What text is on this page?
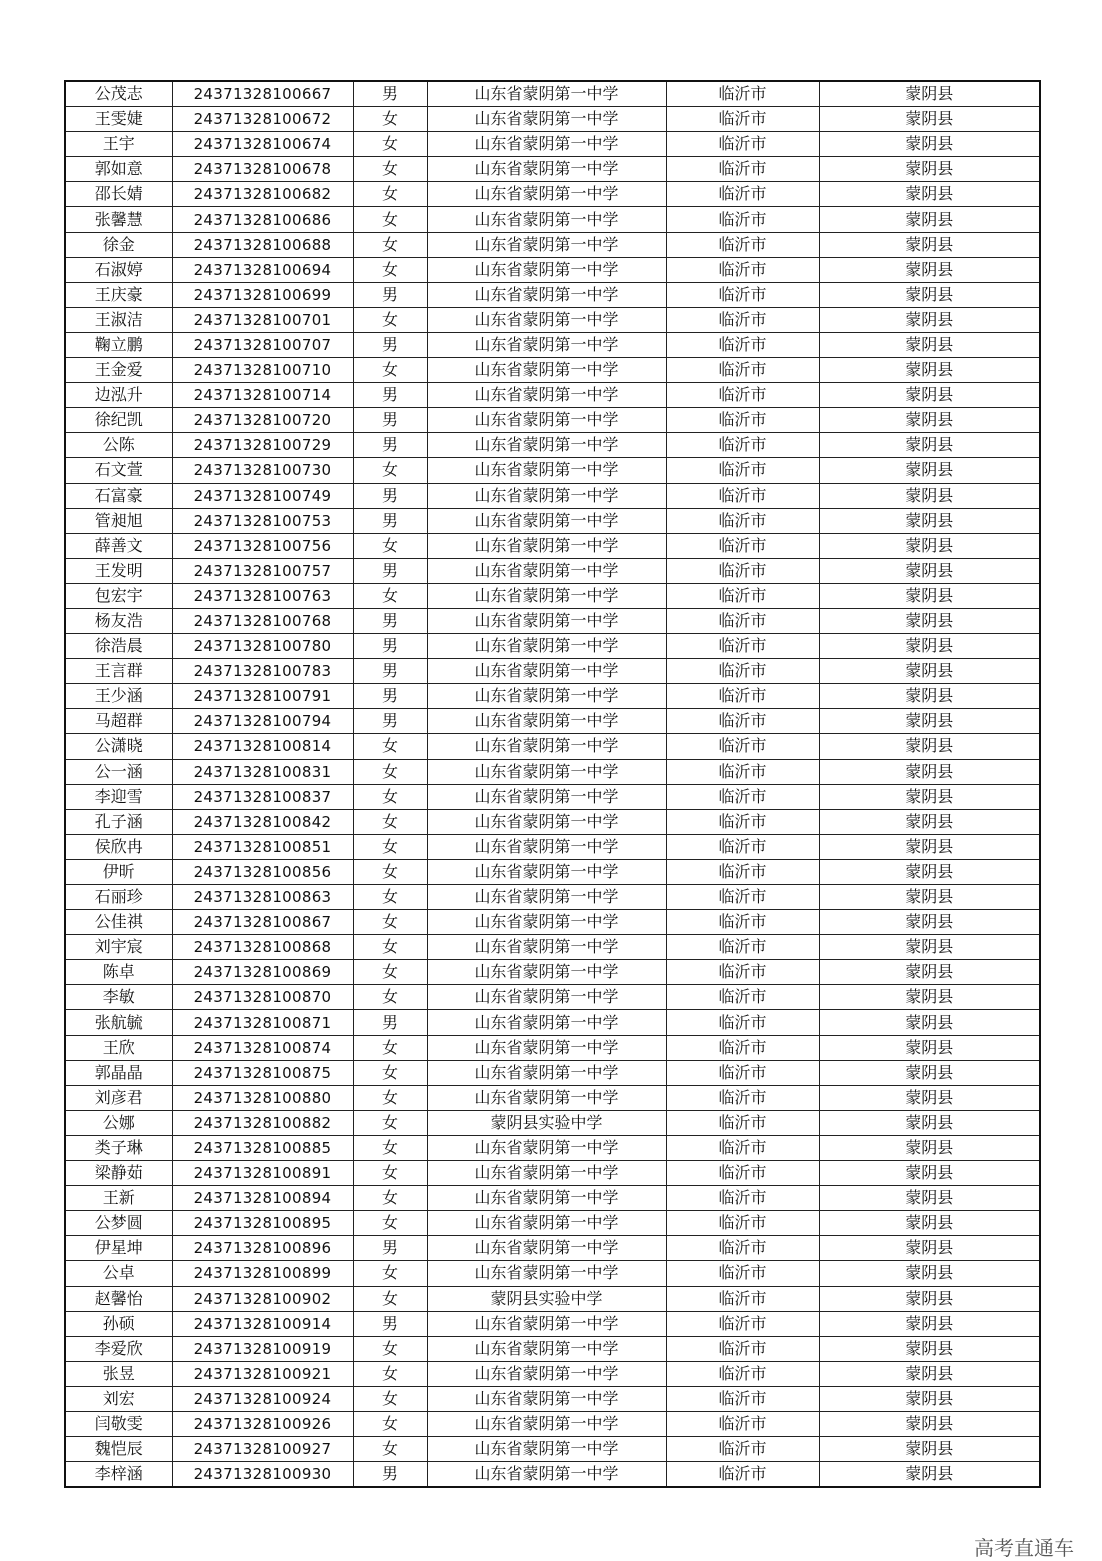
公茂志	24371328100667	男	山东省蒙阴第一中学	临沂市	蒙阴县
王雯婕	24371328100672	女	山东省蒙阴第一中学	临沂市	蒙阴县
王宇	24371328100674	女	山东省蒙阴第一中学	临沂市	蒙阴县
郭如意	24371328100678	女	山东省蒙阴第一中学	临沂市	蒙阴县
邵长婧	24371328100682	女	山东省蒙阴第一中学	临沂市	蒙阴县
张馨慧	24371328100686	女	山东省蒙阴第一中学	临沂市	蒙阴县
徐金	24371328100688	女	山东省蒙阴第一中学	临沂市	蒙阴县
石淑婷	24371328100694	女	山东省蒙阴第一中学	临沂市	蒙阴县
王庆豪	24371328100699	男	山东省蒙阴第一中学	临沂市	蒙阴县
王淑洁	24371328100701	女	山东省蒙阴第一中学	临沂市	蒙阴县
鞠立鹏	24371328100707	男	山东省蒙阴第一中学	临沂市	蒙阴县
王金爱	24371328100710	女	山东省蒙阴第一中学	临沂市	蒙阴县
边泓升	24371328100714	男	山东省蒙阴第一中学	临沂市	蒙阴县
徐纪凯	24371328100720	男	山东省蒙阴第一中学	临沂市	蒙阴县
公陈	24371328100729	男	山东省蒙阴第一中学	临沂市	蒙阴县
石文萱	24371328100730	女	山东省蒙阴第一中学	临沂市	蒙阴县
石富豪	24371328100749	男	山东省蒙阴第一中学	临沂市	蒙阴县
管昶旭	24371328100753	男	山东省蒙阴第一中学	临沂市	蒙阴县
薛善文	24371328100756	女	山东省蒙阴第一中学	临沂市	蒙阴县
王发明	24371328100757	男	山东省蒙阴第一中学	临沂市	蒙阴县
包宏宇	24371328100763	女	山东省蒙阴第一中学	临沂市	蒙阴县
杨友浩	24371328100768	男	山东省蒙阴第一中学	临沂市	蒙阴县
徐浩晨	24371328100780	男	山东省蒙阴第一中学	临沂市	蒙阴县
王言群	24371328100783	男	山东省蒙阴第一中学	临沂市	蒙阴县
王少涵	24371328100791	男	山东省蒙阴第一中学	临沂市	蒙阴县
马超群	24371328100794	男	山东省蒙阴第一中学	临沂市	蒙阴县
公潇晓	24371328100814	女	山东省蒙阴第一中学	临沂市	蒙阴县
公一涵	24371328100831	女	山东省蒙阴第一中学	临沂市	蒙阴县
李迎雪	24371328100837	女	山东省蒙阴第一中学	临沂市	蒙阴县
孔子涵	24371328100842	女	山东省蒙阴第一中学	临沂市	蒙阴县
侯欣冉	24371328100851	女	山东省蒙阴第一中学	临沂市	蒙阴县
伊昕	24371328100856	女	山东省蒙阴第一中学	临沂市	蒙阴县
石丽珍	24371328100863	女	山东省蒙阴第一中学	临沂市	蒙阴县
公佳祺	24371328100867	女	山东省蒙阴第一中学	临沂市	蒙阴县
刘宇宸	24371328100868	女	山东省蒙阴第一中学	临沂市	蒙阴县
陈卓	24371328100869	女	山东省蒙阴第一中学	临沂市	蒙阴县
李敏	24371328100870	女	山东省蒙阴第一中学	临沂市	蒙阴县
张航毓	24371328100871	男	山东省蒙阴第一中学	临沂市	蒙阴县
王欣	24371328100874	女	山东省蒙阴第一中学	临沂市	蒙阴县
郭晶晶	24371328100875	女	山东省蒙阴第一中学	临沂市	蒙阴县
刘彦君	24371328100880	女	山东省蒙阴第一中学	临沂市	蒙阴县
公娜	24371328100882	女	蒙阴县实验中学	临沂市	蒙阴县
类子琳	24371328100885	女	山东省蒙阴第一中学	临沂市	蒙阴县
梁静茹	24371328100891	女	山东省蒙阴第一中学	临沂市	蒙阴县
王新	24371328100894	女	山东省蒙阴第一中学	临沂市	蒙阴县
公梦圆	24371328100895	女	山东省蒙阴第一中学	临沂市	蒙阴县
伊星坤	24371328100896	男	山东省蒙阴第一中学	临沂市	蒙阴县
公卓	24371328100899	女	山东省蒙阴第一中学	临沂市	蒙阴县
赵馨怡	24371328100902	女	蒙阴县实验中学	临沂市	蒙阴县
孙硕	24371328100914	男	山东省蒙阴第一中学	临沂市	蒙阴县
李爱欣	24371328100919	女	山东省蒙阴第一中学	临沂市	蒙阴县
张昱	24371328100921	女	山东省蒙阴第一中学	临沂市	蒙阴县
刘宏	24371328100924	女	山东省蒙阴第一中学	临沂市	蒙阴县
闫敬雯	24371328100926	女	山东省蒙阴第一中学	临沂市	蒙阴县
魏恺辰	24371328100927	女	山东省蒙阴第一中学	临沂市	蒙阴县
李梓涵	24371328100930	男	山东省蒙阴第一中学	临沂市	蒙阴县
高考直通车
